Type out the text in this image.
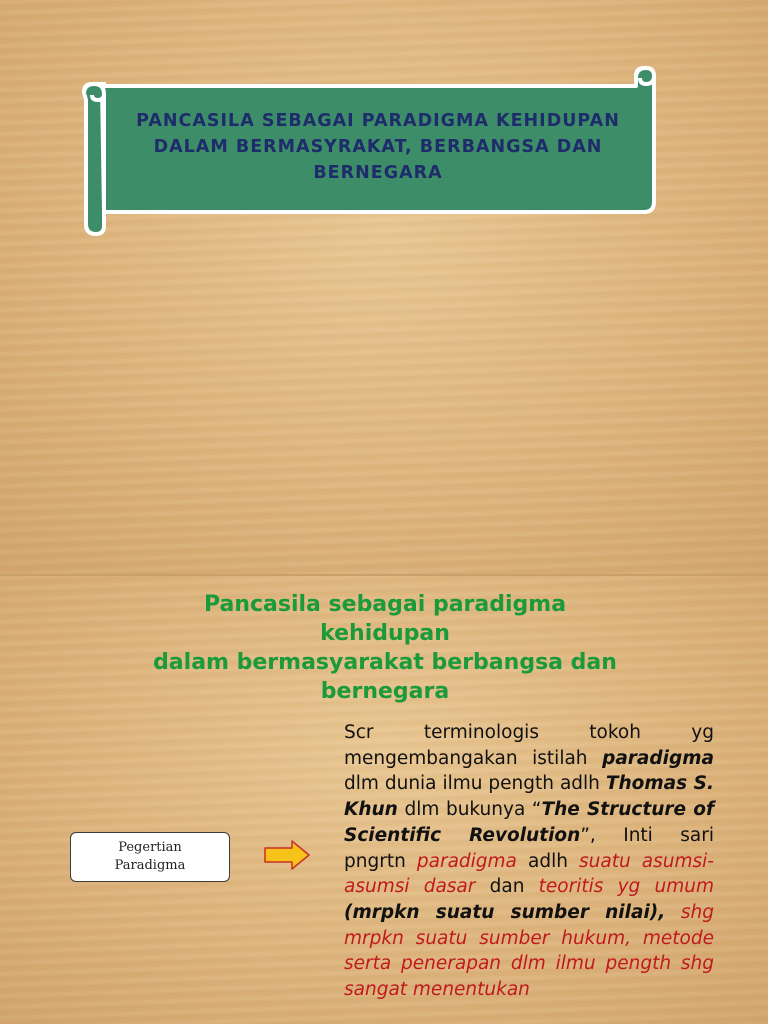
PANCASILA SEBAGAI PARADIGMA KEHIDUPAN DALAM BERMASYRAKAT, BERBANGSA DAN BERNEGARA
Pancasila sebagai paradigma
kehidupan
dalam bermasyarakat berbangsa dan
bernegara
Pegertian
Paradigma

Scr terminologis tokoh yg mengembangakan istilah paradigma dlm dunia ilmu pength adlh Thomas S. Khun dlm bukunya “The Structure of Scientific Revolution”, Inti sari pngrtn paradigma adlh suatu asumsi-asumsi dasar dan teoritis yg umum (mrpkn suatu sumber nilai), shg mrpkn suatu sumber hukum, metode serta penerapan dlm ilmu pength shg sangat menentukan
